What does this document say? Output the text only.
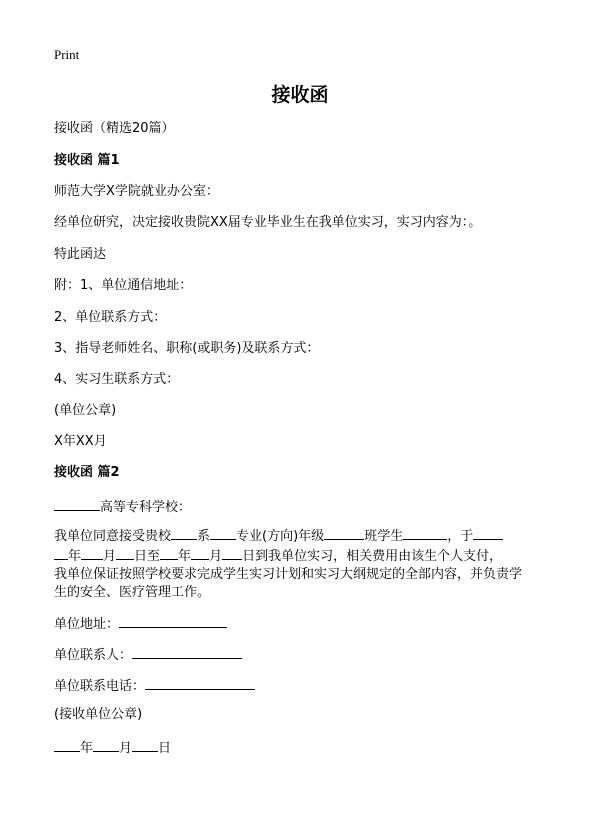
Print
接收函
接收函（精选20篇）
接收函 篇1
师范大学X学院就业办公室：
经单位研究，决定接收贵院XX届专业毕业生在我单位实习，实习内容为：。
特此函达
附：1、单位通信地址：
2、单位联系方式：
3、指导老师姓名、职称(或职务)及联系方式：
4、实习生联系方式：
(单位公章)
X年XX月
接收函 篇2
高等专科学校：
我单位同意接受贵校 系 专业(方向)年级	班学生	，于
年 月 日至 年 月 日到我单位实习，相关费用由该生个人支付，
我单位保证按照学校要求完成学生实习计划和实习大纲规定的全部内容，并负责学
生的安全、医疗管理工作。
单位地址：
单位联系人：
单位联系电话：
(接收单位公章)
年 月 日
